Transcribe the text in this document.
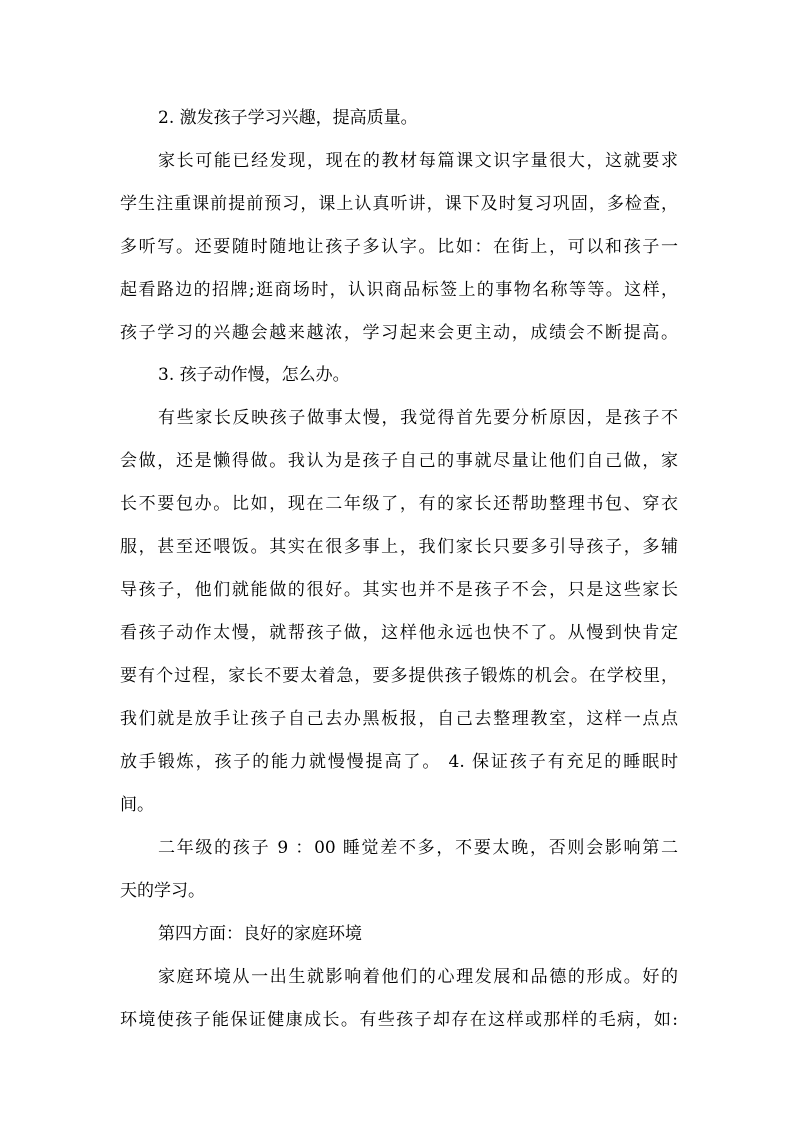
2. 激发孩子学习兴趣，提高质量。
家长可能已经发现，现在的教材每篇课文识字量很大，这就要求
学生注重课前提前预习，课上认真听讲，课下及时复习巩固，多检查，
多听写。还要随时随地让孩子多认字。比如：在街上，可以和孩子一
起看路边的招牌;逛商场时，认识商品标签上的事物名称等等。这样，
孩子学习的兴趣会越来越浓，学习起来会更主动，成绩会不断提高。
3. 孩子动作慢，怎么办。
有些家长反映孩子做事太慢，我觉得首先要分析原因，是孩子不
会做，还是懒得做。我认为是孩子自己的事就尽量让他们自己做，家
长不要包办。比如，现在二年级了，有的家长还帮助整理书包、穿衣
服，甚至还喂饭。其实在很多事上，我们家长只要多引导孩子，多辅
导孩子，他们就能做的很好。其实也并不是孩子不会，只是这些家长
看孩子动作太慢，就帮孩子做，这样他永远也快不了。从慢到快肯定
要有个过程，家长不要太着急，要多提供孩子锻炼的机会。在学校里，
我们就是放手让孩子自己去办黑板报，自己去整理教室，这样一点点
放手锻炼，孩子的能力就慢慢提高了。 4. 保证孩子有充足的睡眠时
间。
二年级的孩子 9 ：00 睡觉差不多，不要太晚，否则会影响第二
天的学习。
第四方面：良好的家庭环境
家庭环境从一出生就影响着他们的心理发展和品德的形成。好的
环境使孩子能保证健康成长。有些孩子却存在这样或那样的毛病，如:
